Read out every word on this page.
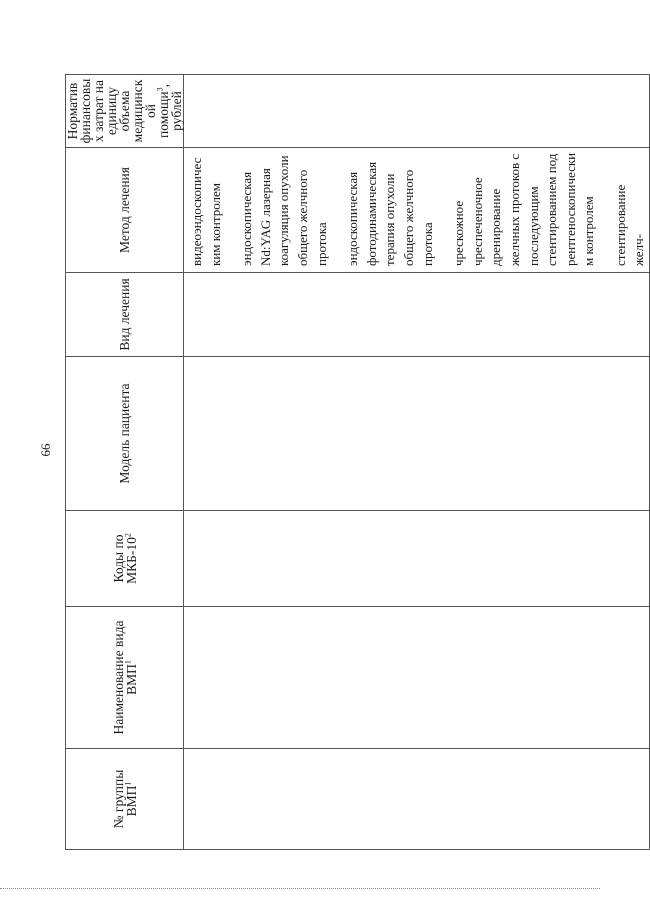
66
№ группы ВМП$^1$	Наименование вида ВМП$^1$	Коды по МКБ-$10^2$	Модель пациента	Вид лечения	Метод лечения	Норматив финансовых затрат на единицу объема медицинской помощи$^3$, рублей

					видеоэндоскопическим контролем эндоскопическая Nd:YAG лазерная коагуляция опухоли общего желчного протока эндоскопическая фотодинамическая терапия опухоли общего желчного протока чрескожное чреспеченочное дренирование желчных протоков с последующим стентированием под рентгеноскопическим контролем стентирование желч-	
